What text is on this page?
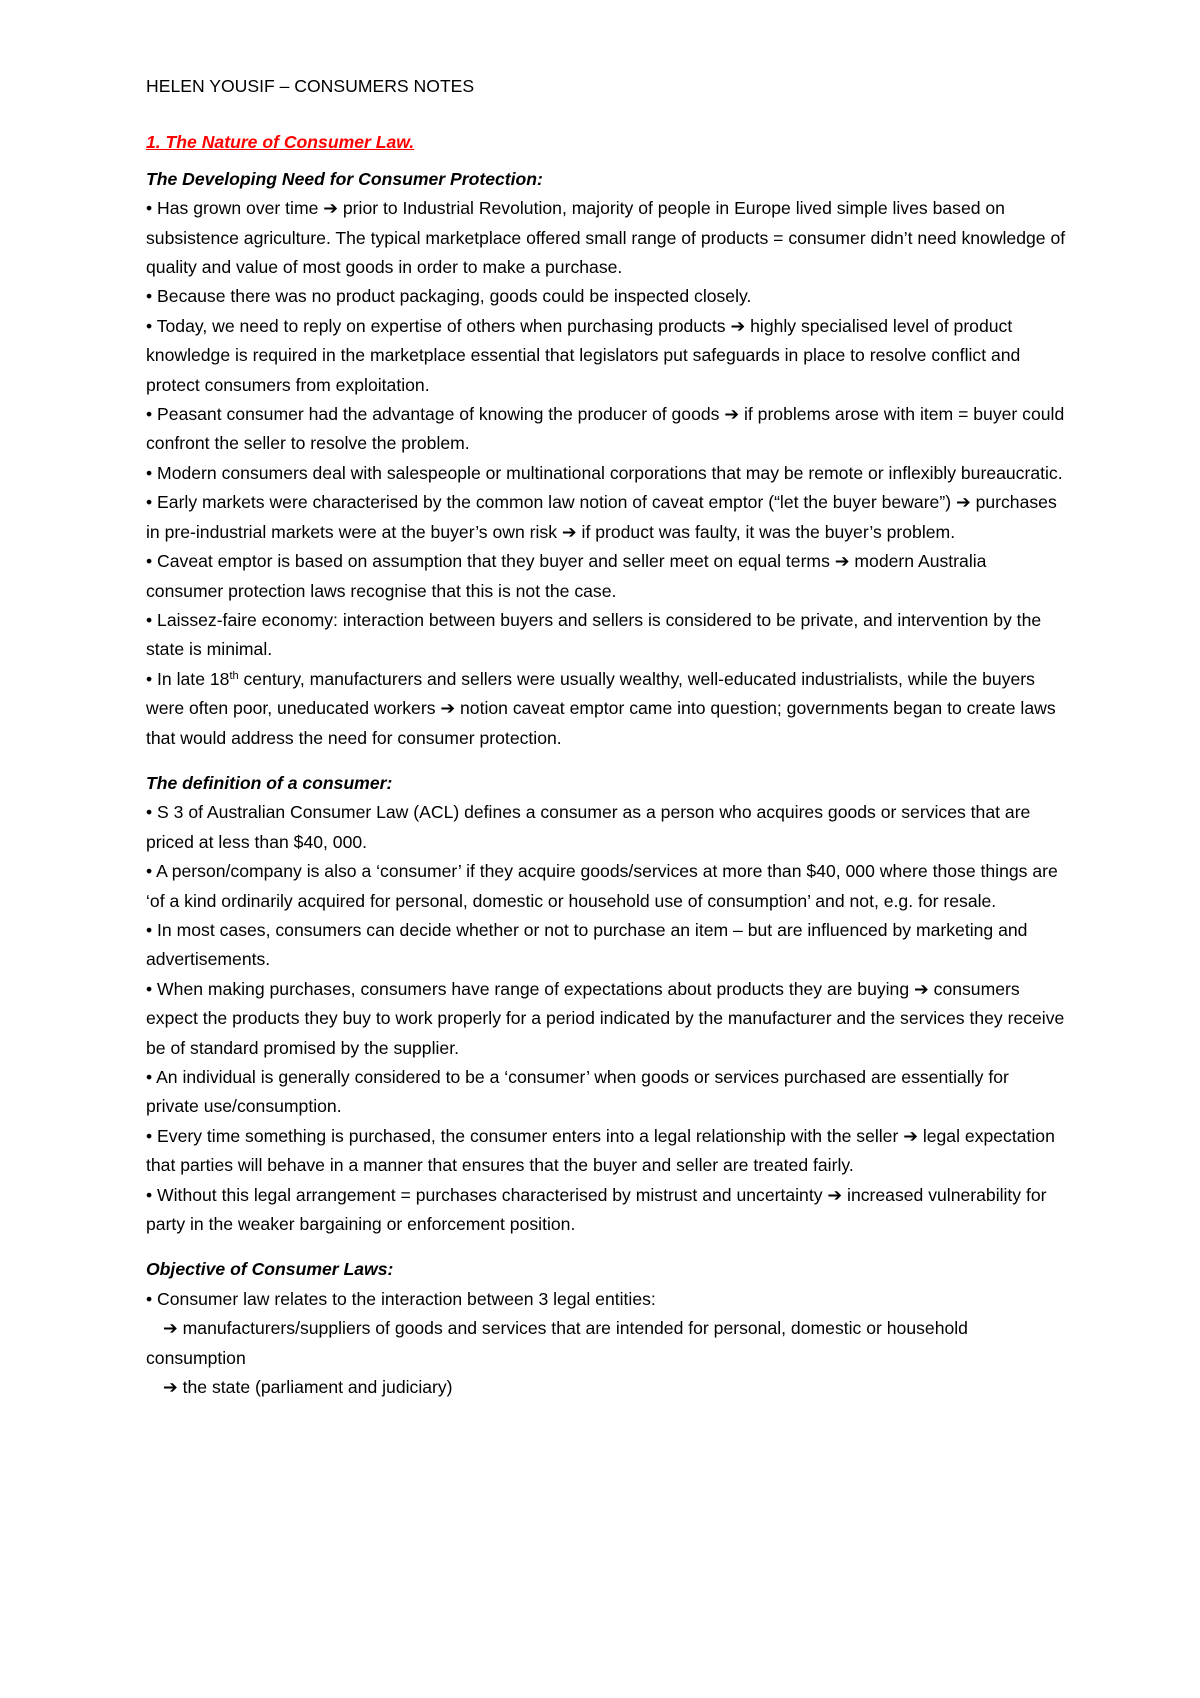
HELEN YOUSIF – CONSUMERS NOTES

1. The Nature of Consumer Law.

The Developing Need for Consumer Protection:

• Has grown over time ➔ prior to Industrial Revolution, majority of people in Europe lived simple lives based on subsistence agriculture. The typical marketplace offered small range of products = consumer didn’t need knowledge of quality and value of most goods in order to make a purchase.

• Because there was no product packaging, goods could be inspected closely.

• Today, we need to reply on expertise of others when purchasing products ➔ highly specialised level of product knowledge is required in the marketplace essential that legislators put safeguards in place to resolve conflict and protect consumers from exploitation.

• Peasant consumer had the advantage of knowing the producer of goods ➔ if problems arose with item = buyer could confront the seller to resolve the problem.

• Modern consumers deal with salespeople or multinational corporations that may be remote or inflexibly bureaucratic.

• Early markets were characterised by the common law notion of caveat emptor (“let the buyer beware”) ➔ purchases in pre-industrial markets were at the buyer’s own risk ➔ if product was faulty, it was the buyer’s problem.

• Caveat emptor is based on assumption that they buyer and seller meet on equal terms ➔ modern Australia consumer protection laws recognise that this is not the case.

• Laissez-faire economy: interaction between buyers and sellers is considered to be private, and intervention by the state is minimal.

• In late 18th century, manufacturers and sellers were usually wealthy, well-educated industrialists, while the buyers were often poor, uneducated workers ➔ notion caveat emptor came into question; governments began to create laws that would address the need for consumer protection.

The definition of a consumer:

• S 3 of Australian Consumer Law (ACL) defines a consumer as a person who acquires goods or services that are priced at less than $40, 000.

• A person/company is also a ‘consumer’ if they acquire goods/services at more than $40, 000 where those things are ‘of a kind ordinarily acquired for personal, domestic or household use of consumption’ and not, e.g. for resale.

• In most cases, consumers can decide whether or not to purchase an item – but are influenced by marketing and advertisements.

• When making purchases, consumers have range of expectations about products they are buying ➔ consumers expect the products they buy to work properly for a period indicated by the manufacturer and the services they receive be of standard promised by the supplier.

• An individual is generally considered to be a ‘consumer’ when goods or services purchased are essentially for private use/consumption.

• Every time something is purchased, the consumer enters into a legal relationship with the seller ➔ legal expectation that parties will behave in a manner that ensures that the buyer and seller are treated fairly.

• Without this legal arrangement = purchases characterised by mistrust and uncertainty ➔ increased vulnerability for party in the weaker bargaining or enforcement position.

Objective of Consumer Laws:

• Consumer law relates to the interaction between 3 legal entities:

➔ manufacturers/suppliers of goods and services that are intended for personal, domestic or household consumption

➔ the state (parliament and judiciary)
